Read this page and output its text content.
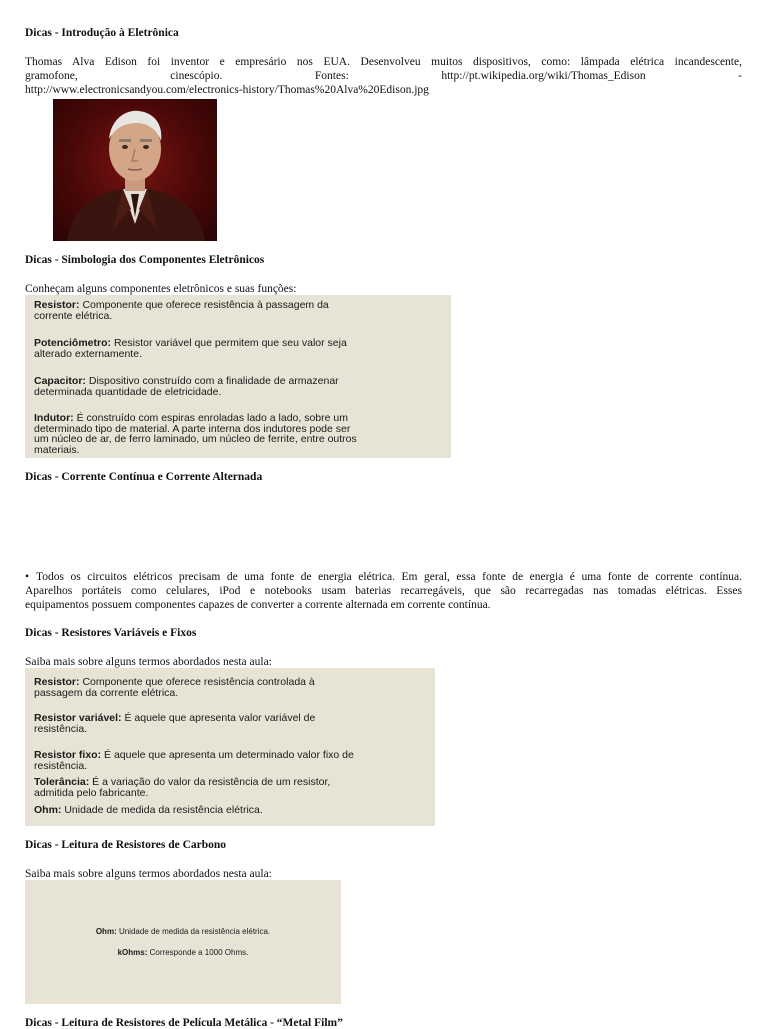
Dicas - Introdução à Eletrônica
Thomas Alva Edison foi inventor e empresário nos EUA. Desenvolveu muitos dispositivos, como: lâmpada elétrica incandescente,
gramofone, cinescópio. Fontes: http://pt.wikipedia.org/wiki/Thomas_Edison -
http://www.electronicsandyou.com/electronics-history/Thomas%20Alva%20Edison.jpg
Dicas - Simbologia dos Componentes Eletrônicos
Conheçam alguns componentes eletrônicos e suas funções:
Resistor: Componente que oferece resistência à passagem da
corrente elétrica.
Potenciômetro: Resistor variável que permitem que seu valor seja
alterado externamente.
Capacitor: Dispositivo construído com a finalidade de armazenar
determinada quantidade de eletricidade.
Indutor: É construído com espiras enroladas lado a lado, sobre um
determinado tipo de material. A parte interna dos indutores pode ser
um núcleo de ar, de ferro laminado, um núcleo de ferrite, entre outros
materiais.
Dicas - Corrente Contínua e Corrente Alternada
• Todos os circuitos elétricos precisam de uma fonte de energia elétrica. Em geral, essa fonte de energia é uma fonte de corrente contínua.
Aparelhos portáteis como celulares, iPod e notebooks usam baterias recarregáveis, que são recarregadas nas tomadas elétricas. Esses
equipamentos possuem componentes capazes de converter a corrente alternada em corrente contínua.
Dicas - Resistores Variáveis e Fixos
Saiba mais sobre alguns termos abordados nesta aula:
Resistor: Componente que oferece resistência controlada à
passagem da corrente elétrica.
Resistor variável: É aquele que apresenta valor variável de
resistência.
Resistor fixo: É aquele que apresenta um determinado valor fixo de
resistência.
Tolerância: É a variação do valor da resistência de um resistor,
admitida pelo fabricante.
Ohm: Unidade de medida da resistência elétrica.
Dicas - Leitura de Resistores de Carbono
Saiba mais sobre alguns termos abordados nesta aula:
Ohm: Unidade de medida da resistência elétrica.
kOhms: Corresponde a 1000 Ohms.
Dicas - Leitura de Resistores de Película Metálica - “Metal Film”
